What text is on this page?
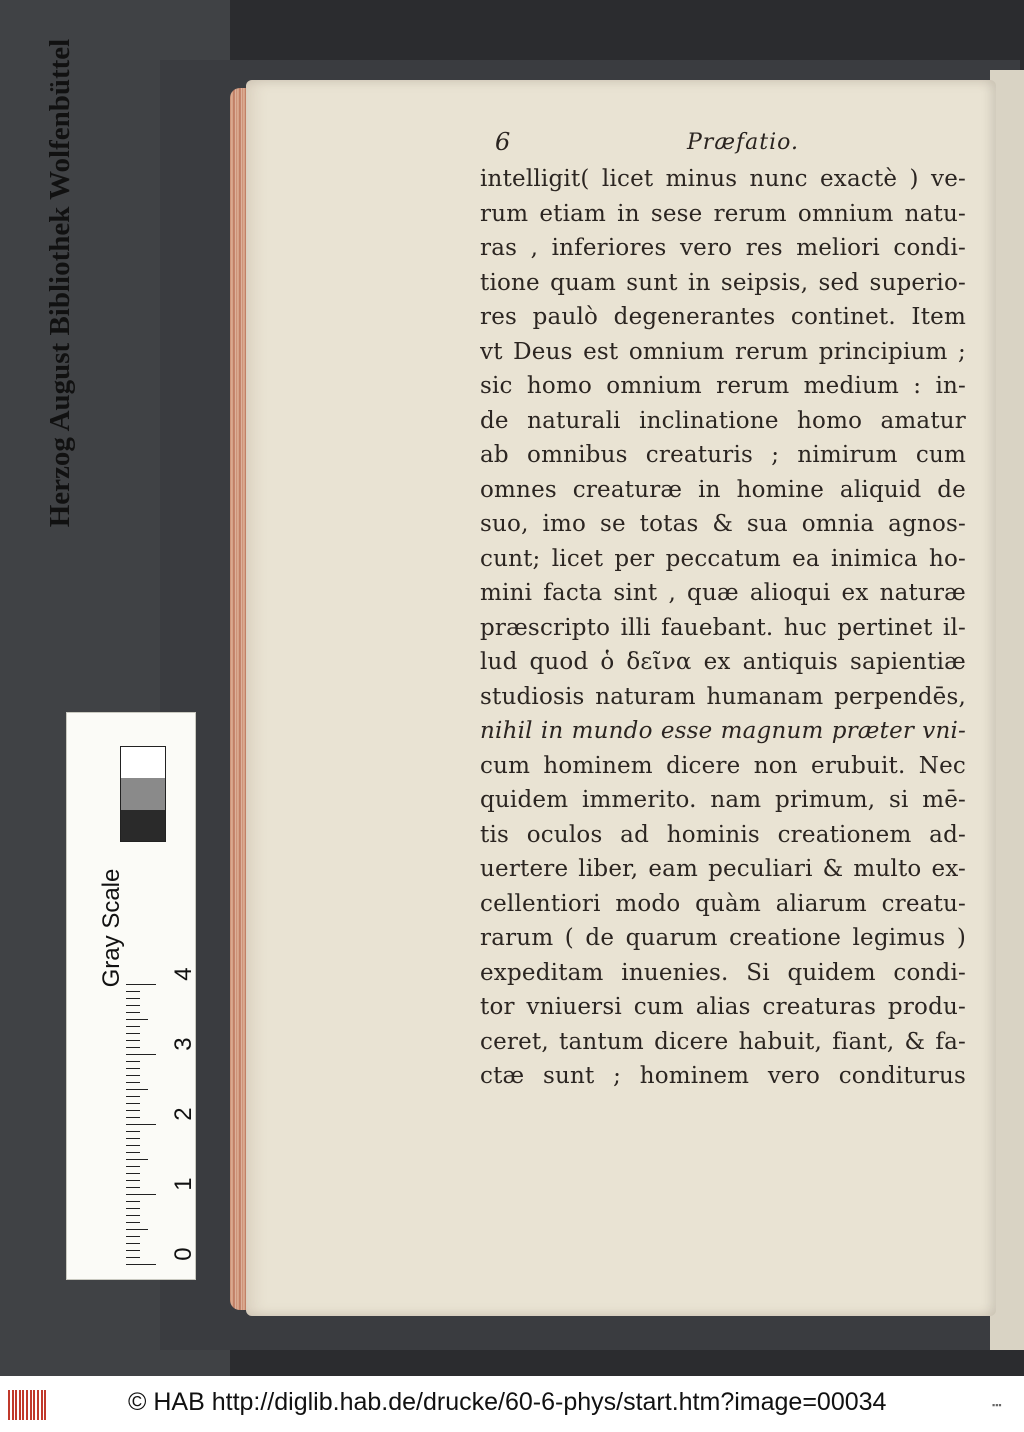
6	Præfatio.
intelligit( licet minus nunc exactè ) ve-
rum etiam in sese rerum omnium natu-
ras , inferiores vero res meliori condi-
tione quam sunt in seipsis, sed superio-
res paulò degenerantes continet. Item
vt Deus est omnium rerum principium ;
sic homo omnium rerum medium : in-
de naturali inclinatione homo amatur
ab omnibus creaturis ; nimirum cum
omnes creaturæ in homine aliquid de
suo, imo se totas & sua omnia agnos-
cunt; licet per peccatum ea inimica ho-
mini facta sint , quæ alioqui ex naturæ
præscripto illi fauebant. huc pertinet il-
lud quod ὁ δεῖνα ex antiquis sapientiæ
studiosis naturam humanam perpendēs,
nihil in mundo esse magnum præter vni-
cum hominem dicere non erubuit. Nec
quidem immerito. nam primum, si mē-
tis oculos ad hominis creationem ad-
uertere liber, eam peculiari & multo ex-
cellentiori modo quàm aliarum creatu-
rarum ( de quarum creatione legimus )
expeditam inuenies. Si quidem condi-
tor vniuersi cum alias creaturas produ-
ceret, tantum dicere habuit, fiant, & fa-
ctæ sunt ; hominem vero conditurus
Herzog August Bibliothek Wolfenbüttel
Gray Scale
0
1
2
3
4
© HAB http://diglib.hab.de/drucke/60-6-phys/start.htm?image=00034	▪▪▪
